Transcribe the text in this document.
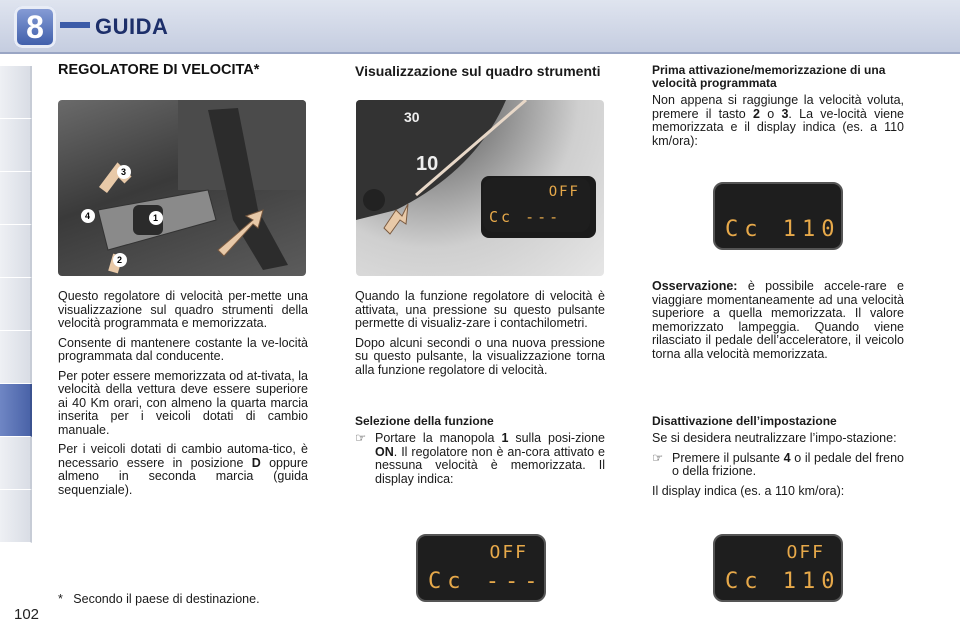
8	GUIDA
REGOLATORE DI VELOCITA*
1
2
3
4

Questo regolatore di velocità per-mette una visualizzazione sul quadro strumenti della velocità programmata e memorizzata.

Consente di mantenere costante la ve-locità programmata dal conducente.

Per poter essere memorizzata od at-tivata, la velocità della vettura deve essere superiore ai 40 Km orari, con almeno la quarta marcia inserita per i veicoli dotati di cambio manuale.

Per i veicoli dotati di cambio automa-tico, è necessario essere in posizione D oppure almeno in seconda marcia (guida sequenziale).

* Secondo il paese di destinazione.
Visualizzazione sul quadro strumenti
30
10
OFF
Cc ---

Quando la funzione regolatore di velocità è attivata, una pressione su questo pulsante permette di visualiz-zare i contachilometri.

Dopo alcuni secondi o una nuova pressione su questo pulsante, la visualizzazione torna alla funzione regolatore di velocità.

Selezione della funzione
☞ Portare la manopola 1 sulla posi-zione ON. Il regolatore non è an-cora attivato e nessuna velocità è memorizzata. Il display indica:
OFF
Cc ---
Prima attivazione/memorizzazione di una velocità programmata

Non appena si raggiunge la velocità voluta, premere il tasto 2 o 3. La ve-locità viene memorizzata e il display indica (es. a 110 km/ora):

Cc 110

Osservazione: è possibile accele-rare e viaggiare momentaneamente ad una velocità superiore a quella memorizzata. Il valore memorizzato lampeggia. Quando viene rilasciato il pedale dell’acceleratore, il veicolo torna alla velocità memorizzata.

Disattivazione dell’impostazione

Se si desidera neutralizzare l’impo-stazione:

☞ Premere il pulsante 4 o il pedale del freno o della frizione.

Il display indica (es. a 110 km/ora):

OFF
Cc 110
102
